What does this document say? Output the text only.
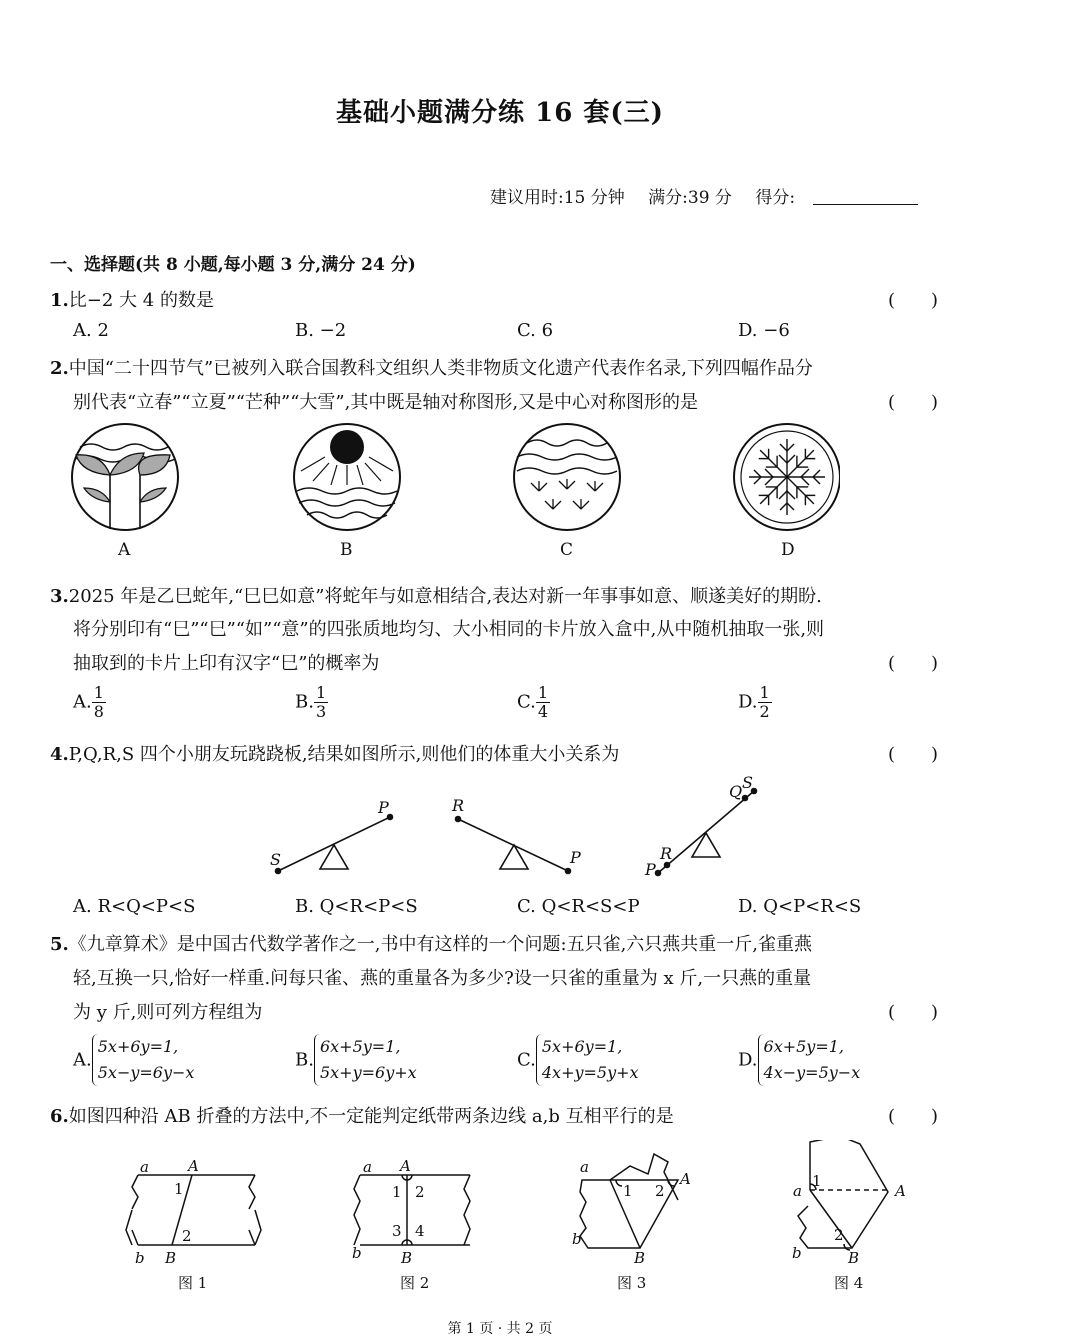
基础小题满分练 16 套(三)
建议用时:15 分钟 满分:39 分 得分:
一、选择题(共 8 小题,每小题 3 分,满分 24 分)
1.比−2 大 4 的数是	(　　)
A. 2	B. −2	C. 6	D. −6
2.中国“二十四节气”已被列入联合国教科文组织人类非物质文化遗产代表作名录,下列四幅作品分
别代表“立春”“立夏”“芒种”“大雪”,其中既是轴对称图形,又是中心对称图形的是	(　　)
A	B	C	D
3.2025 年是乙巳蛇年,“巳巳如意”将蛇年与如意相结合,表达对新一年事事如意、顺遂美好的期盼.
将分别印有“巳”“巳”“如”“意”的四张质地均匀、大小相同的卡片放入盒中,从中随机抽取一张,则
抽取到的卡片上印有汉字“巳”的概率为	(　　)
A. $\frac{1}{8}$	B. $\frac{1}{3}$	C. $\frac{1}{4}$	D. $\frac{1}{2}$
4.P,Q,R,S 四个小朋友玩跷跷板,结果如图所示,则他们的体重大小关系为	(　　)
P
S
R
P
Q S
R
P
A. R<Q<P<S	B. Q<R<P<S	C. Q<R<S<P	D. Q<P<R<S
5.《九章算术》是中国古代数学著作之一,书中有这样的一个问题:五只雀,六只燕共重一斤,雀重燕
轻,互换一只,恰好一样重.问每只雀、燕的重量各为多少?设一只雀的重量为 x 斤,一只燕的重量
为 y 斤,则可列方程组为	(　　)
A.5x+6y=1,
5x−y=6y−x
B.6x+5y=1,
5x+y=6y+x
C.5x+6y=1,
4x+y=5y+x
D.6x+5y=1,
4x−y=5y−x
6.如图四种沿 AB 折叠的方法中,不一定能判定纸带两条边线 a,b 互相平行的是	(　　)
a	A
1
2
b B
a A
1 2
3 4
b	B
a
1 2
A
b
B
a
1
A
2
b	B
图 1	图 2	图 3	图 4
第 1 页 · 共 2 页
